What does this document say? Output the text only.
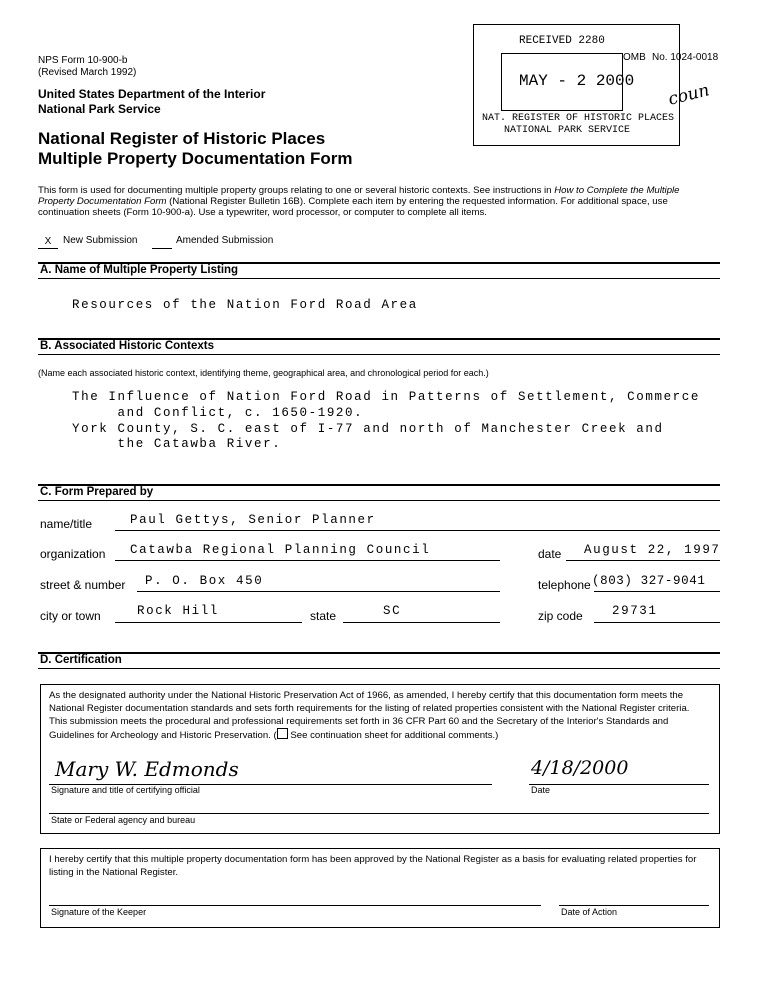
NPS Form 10-900-b
(Revised March 1992)
United States Department of the Interior
National Park Service
National Register of Historic Places
Multiple Property Documentation Form
RECEIVED 2280
MAY - 2 2000
NAT. REGISTER OF HISTORIC PLACES
NATIONAL PARK SERVICE
OMB No. 1024-0018
coun
This form is used for documenting multiple property groups relating to one or several historic contexts. See instructions in How to Complete the Multiple Property Documentation Form (National Register Bulletin 16B). Complete each item by entering the requested information. For additional space, use continuation sheets (Form 10-900-a). Use a typewriter, word processor, or computer to complete all items.
X	New Submission	Amended Submission
A. Name of Multiple Property Listing
Resources of the Nation Ford Road Area
B. Associated Historic Contexts
(Name each associated historic context, identifying theme, geographical area, and chronological period for each.)
The Influence of Nation Ford Road in Patterns of Settlement, Commerce
and Conflict, c. 1650-1920.
York County, S. C. east of I-77 and north of Manchester Creek and
the Catawba River.
C. Form Prepared by
name/title	Paul Gettys, Senior Planner
organization Catawba Regional Planning Council	date August 22, 1997
street & number P. O. Box 450	telephone (803) 327-9041
city or town	Rock Hill	state	SC	zip code 29731
D. Certification
As the designated authority under the National Historic Preservation Act of 1966, as amended, I hereby certify that this documentation form meets the National Register documentation standards and sets forth requirements for the listing of related properties consistent with the National Register criteria. This submission meets the procedural and professional requirements set forth in 36 CFR Part 60 and the Secretary of the Interior's Standards and Guidelines for Archeology and Historic Preservation. ( See continuation sheet for additional comments.)
Mary W. Edmonds
Signature and title of certifying official
4/18/2000
Date
State or Federal agency and bureau
I hereby certify that this multiple property documentation form has been approved by the National Register as a basis for evaluating related properties for listing in the National Register.
Signature of the Keeper	Date of Action
